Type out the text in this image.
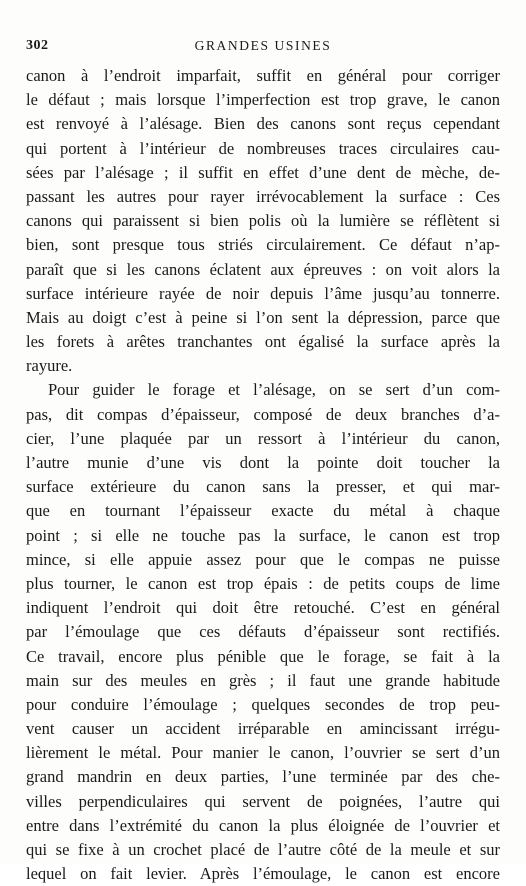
302	GRANDES USINES
canon à l’endroit imparfait, suffit en général pour corriger
le défaut ; mais lorsque l’imperfection est trop grave, le canon
est renvoyé à l’alésage. Bien des canons sont reçus cependant
qui portent à l’intérieur de nombreuses traces circulaires cau-
sées par l’alésage ; il suffit en effet d’une dent de mèche, de-
passant les autres pour rayer irrévocablement la surface : Ces
canons qui paraissent si bien polis où la lumière se réflètent si
bien, sont presque tous striés circulairement. Ce défaut n’ap-
paraît que si les canons éclatent aux épreuves : on voit alors la
surface intérieure rayée de noir depuis l’âme jusqu’au tonnerre.
Mais au doigt c’est à peine si l’on sent la dépression, parce que
les forets à arêtes tranchantes ont égalisé la surface après la
rayure.
Pour guider le forage et l’alésage, on se sert d’un com-
pas, dit compas d’épaisseur, composé de deux branches d’a-
cier, l’une plaquée par un ressort à l’intérieur du canon,
l’autre munie d’une vis dont la pointe doit toucher la
surface extérieure du canon sans la presser, et qui mar-
que en tournant l’épaisseur exacte du métal à chaque
point ; si elle ne touche pas la surface, le canon est trop
mince, si elle appuie assez pour que le compas ne puisse
plus tourner, le canon est trop épais : de petits coups de lime
indiquent l’endroit qui doit être retouché. C’est en général
par l’émoulage que ces défauts d’épaisseur sont rectifiés.
Ce travail, encore plus pénible que le forage, se fait à la
main sur des meules en grès ; il faut une grande habitude
pour conduire l’émoulage ; quelques secondes de trop peu-
vent causer un accident irréparable en amincissant irrégu-
lièrement le métal. Pour manier le canon, l’ouvrier se sert d’un
grand mandrin en deux parties, l’une terminée par des che-
villes perpendiculaires qui servent de poignées, l’autre qui
entre dans l’extrémité du canon la plus éloignée de l’ouvrier et
qui se fixe à un crochet placé de l’autre côté de la meule et sur
lequel on fait levier. Après l’émoulage, le canon est encore
